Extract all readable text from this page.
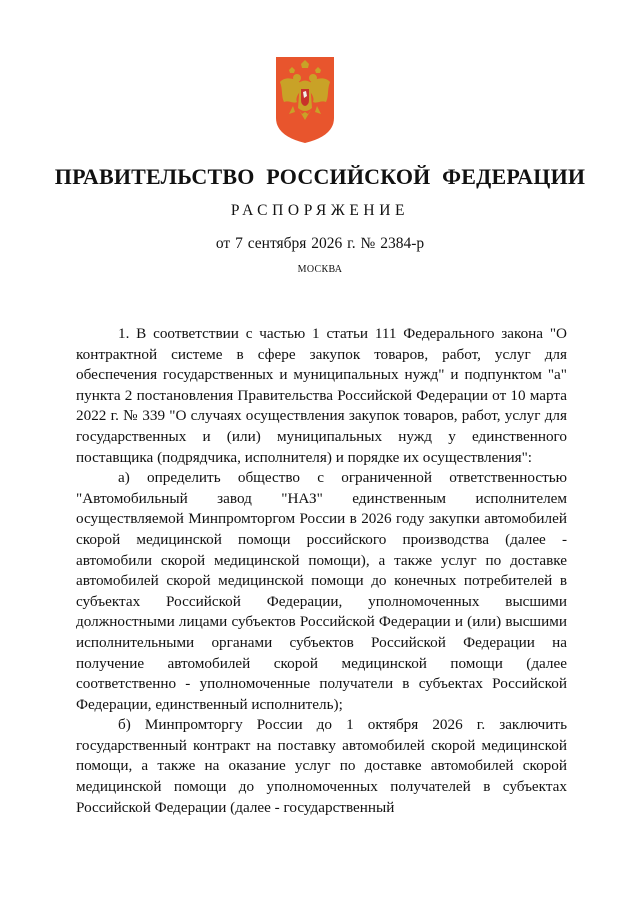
ПРАВИТЕЛЬСТВО РОССИЙСКОЙ ФЕДЕРАЦИИ
РАСПОРЯЖЕНИЕ
от 7 сентября 2026 г. № 2384-р
МОСКВА

1. В соответствии с частью 1 статьи 111 Федерального закона "О контрактной системе в сфере закупок товаров, работ, услуг для обеспечения государственных и муниципальных нужд" и подпунктом "а" пункта 2 постановления Правительства Российской Федерации от 10 марта 2022 г. № 339 "О случаях осуществления закупок товаров, работ, услуг для государственных и (или) муниципальных нужд у единственного поставщика (подрядчика, исполнителя) и порядке их осуществления":

а) определить общество с ограниченной ответственностью "Автомобильный завод "НАЗ" единственным исполнителем осуществляемой Минпромторгом России в 2026 году закупки автомобилей скорой медицинской помощи российского производства (далее - автомобили скорой медицинской помощи), а также услуг по доставке автомобилей скорой медицинской помощи до конечных потребителей в субъектах Российской Федерации, уполномоченных высшими должностными лицами субъектов Российской Федерации и (или) высшими исполнительными органами субъектов Российской Федерации на получение автомобилей скорой медицинской помощи (далее соответственно - уполномоченные получатели в субъектах Российской Федерации, единственный исполнитель);

б) Минпромторгу России до 1 октября 2026 г. заключить государственный контракт на поставку автомобилей скорой медицинской помощи, а также на оказание услуг по доставке автомобилей скорой медицинской помощи до уполномоченных получателей в субъектах Российской Федерации (далее - государственный
